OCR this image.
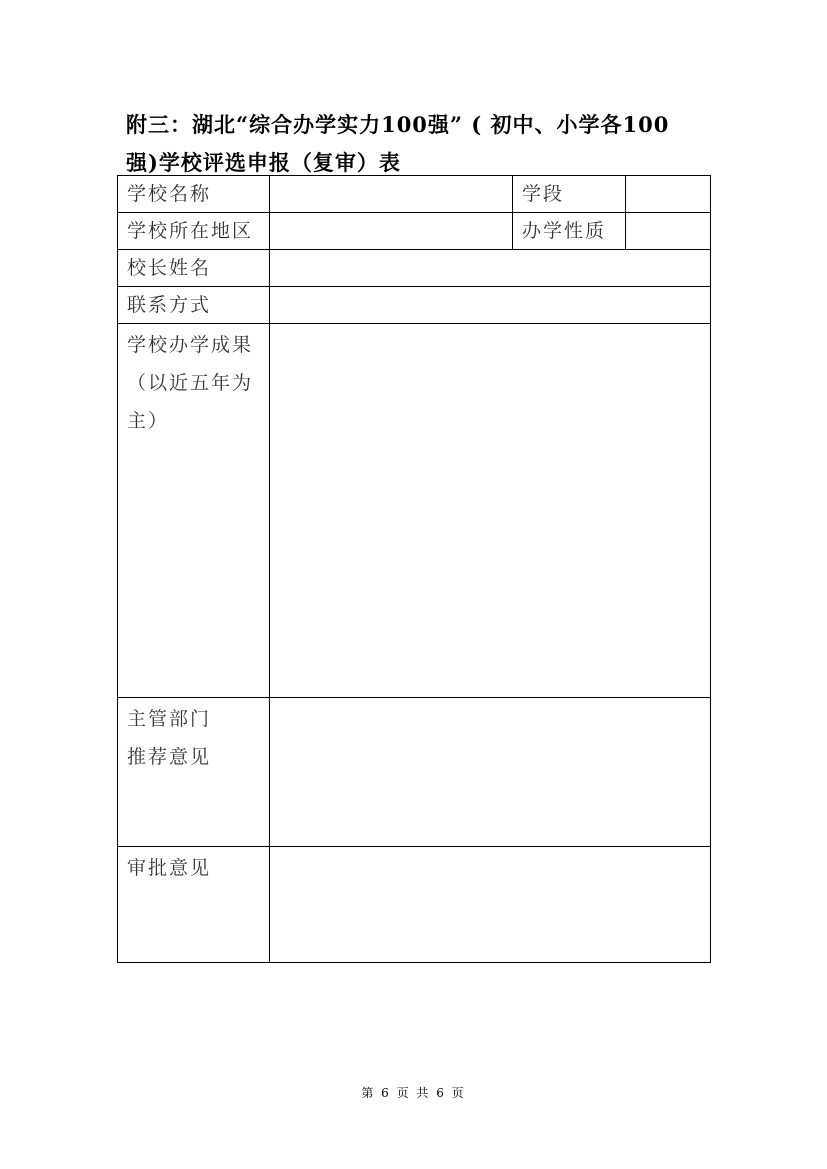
附三：湖北“综合办学实力100强” ( 初中、小学各100
强)学校评选申报（复审）表
学校名称		学段	
学校所在地区		办学性质	
校长姓名			
联系方式			

学校办学成果
（以近五年为
主）			

主管部门
推荐意见			

审批意见			
第 6 页 共 6 页
